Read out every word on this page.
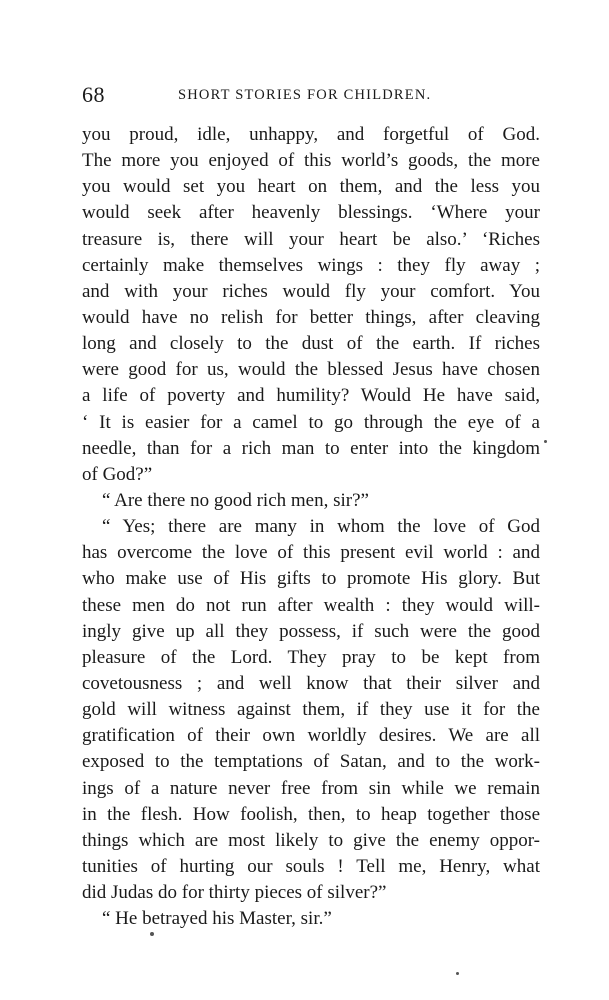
68	SHORT STORIES FOR CHILDREN.
you proud, idle, unhappy, and forgetful of God.
The more you enjoyed of this world’s goods, the more
you would set you heart on them, and the less you
would seek after heavenly blessings. ‘Where your
treasure is, there will your heart be also.’ ‘Riches
certainly make themselves wings : they fly away ;
and with your riches would fly your comfort. You
would have no relish for better things, after cleaving
long and closely to the dust of the earth. If riches
were good for us, would the blessed Jesus have chosen
a life of poverty and humility? Would He have said,
‘ It is easier for a camel to go through the eye of a
needle, than for a rich man to enter into the kingdom
of God?”
“ Are there no good rich men, sir?”
“ Yes; there are many in whom the love of God
has overcome the love of this present evil world : and
who make use of His gifts to promote His glory. But
these men do not run after wealth : they would will-
ingly give up all they possess, if such were the good
pleasure of the Lord. They pray to be kept from
covetousness ; and well know that their silver and
gold will witness against them, if they use it for the
gratification of their own worldly desires. We are all
exposed to the temptations of Satan, and to the work-
ings of a nature never free from sin while we remain
in the flesh. How foolish, then, to heap together those
things which are most likely to give the enemy oppor-
tunities of hurting our souls ! Tell me, Henry, what
did Judas do for thirty pieces of silver?”
“ He betrayed his Master, sir.”
